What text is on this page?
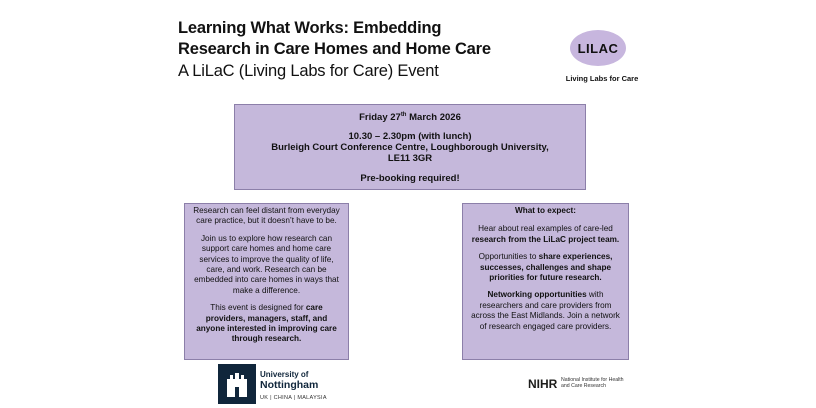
Learning What Works: Embedding

Research in Care Homes and Home Care

A LiLaC (Living Labs for Care) Event

LILAC
Living Labs for Care

Friday 27th March 2026

10.30 – 2.30pm (with lunch)

Burleigh Court Conference Centre, Loughborough University,

LE11 3GR

Pre-booking required!

Research can feel distant from everyday care practice, but it doesn’t have to be.

Join us to explore how research can support care homes and home care services to improve the quality of life, care, and work. Research can be embedded into care homes in ways that make a difference.

This event is designed for care providers, managers, staff, and anyone interested in improving care through research.

What to expect:

Hear about real examples of care-led research from the LiLaC project team.

Opportunities to share experiences, successes, challenges and shape priorities for future research.

Networking opportunities with researchers and care providers from across the East Midlands. Join a network of research engaged care providers.

University of
Nottingham
UK | CHINA | MALAYSIA
NIHR National Institute for Health and Care Research
